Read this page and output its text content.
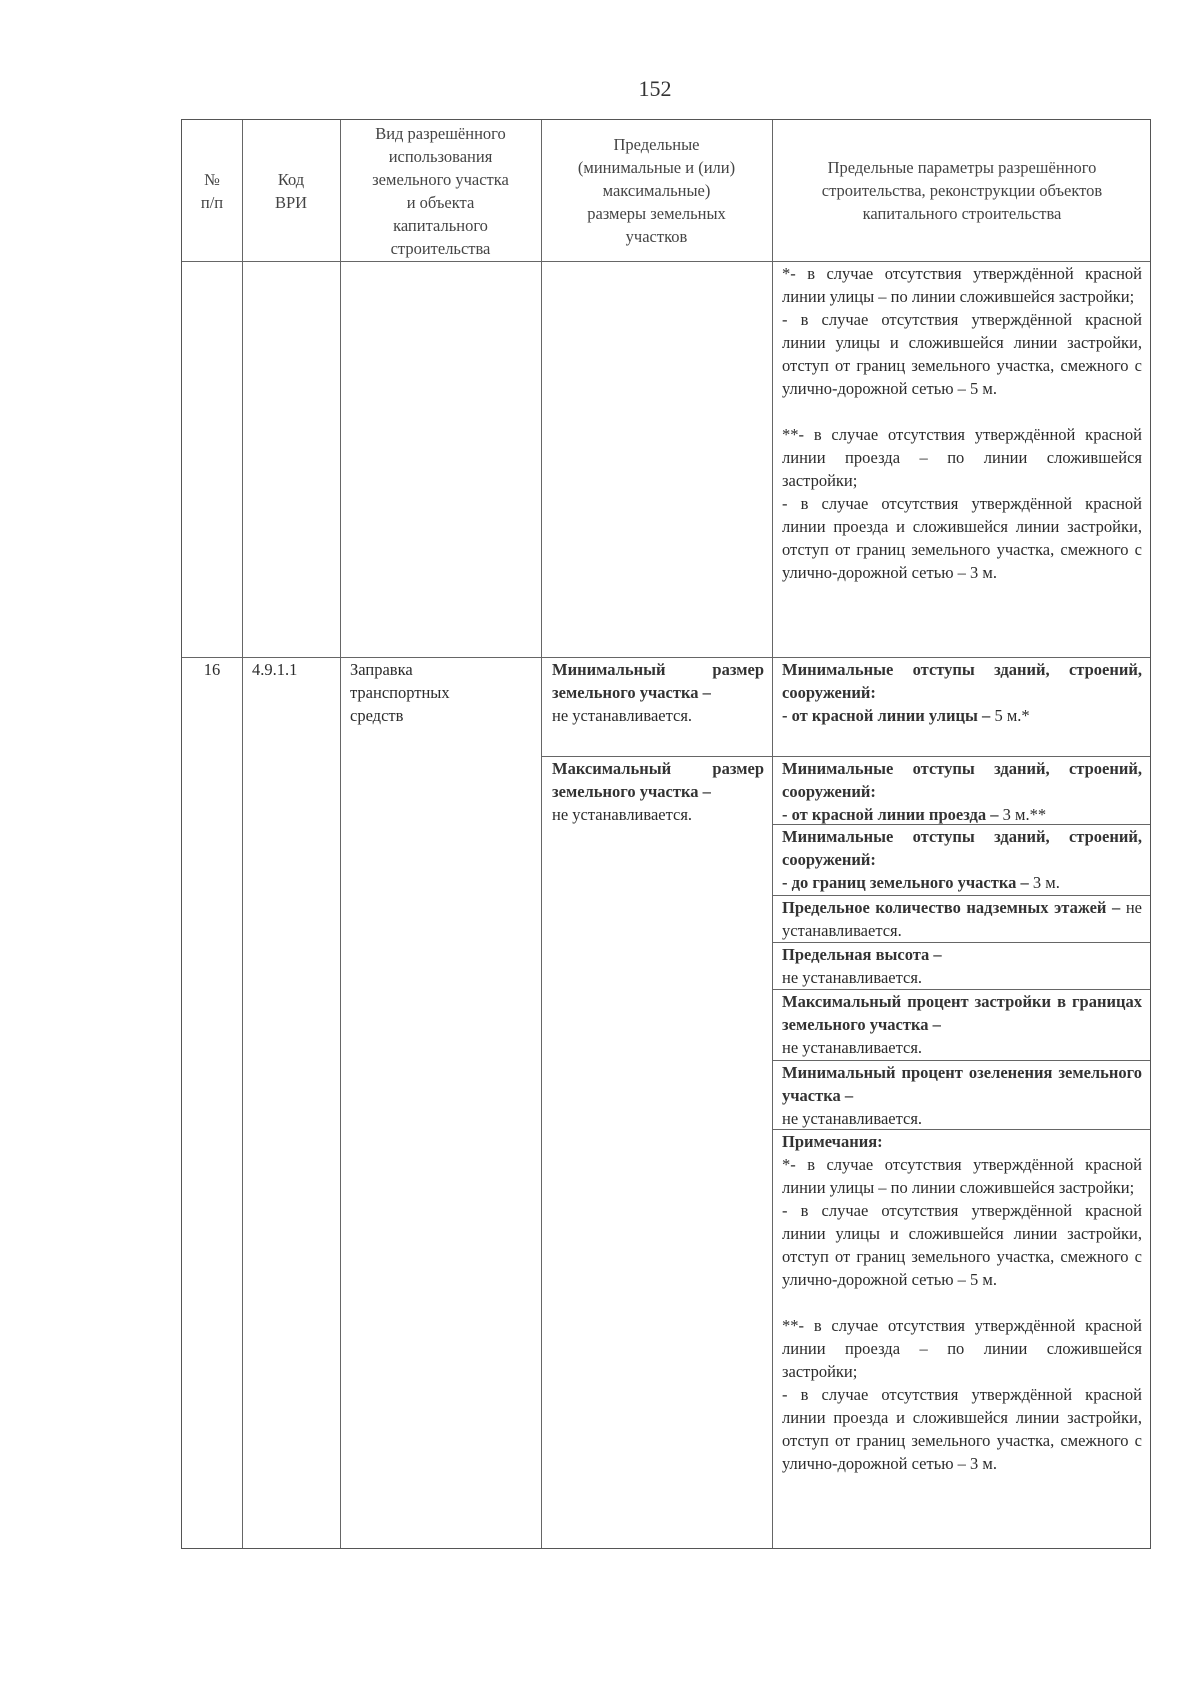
152
№
п/п
Код
ВРИ
Вид разрешённого
использования
земельного участка
и объекта
капитального
строительства
Предельные
(минимальные и (или)
максимальные)
размеры земельных
участков
Предельные параметры разрешённого
строительства, реконструкции объектов
капитального строительства
*- в случае отсутствия утверждённой красной линии улицы – по линии сложившейся застройки;
- в случае отсутствия утверждённой красной линии улицы и сложившейся линии застройки, отступ от границ земельного участка, смежного с улично-дорожной сетью – 5 м.
**- в случае отсутствия утверждённой красной линии проезда – по линии сложившейся застройки;
- в случае отсутствия утверждённой красной линии проезда и сложившейся линии застройки, отступ от границ земельного участка, смежного с улично-дорожной сетью – 3 м.
16	4.9.1.1	Заправка
транспортных
средств
Минимальный размер земельного участка –
не устанавливается.
Максимальный размер земельного участка –
не устанавливается.
Минимальные отступы зданий, строений, сооружений:
- от красной линии улицы – 5 м.*
Минимальные отступы зданий, строений, сооружений:
- от красной линии проезда – 3 м.**
Минимальные отступы зданий, строений, сооружений:
- до границ земельного участка – 3 м.
Предельное количество надземных этажей – не устанавливается.
Предельная высота –
не устанавливается.
Максимальный процент застройки в границах земельного участка –
не устанавливается.
Минимальный процент озеленения земельного участка –
не устанавливается.
Примечания:
*- в случае отсутствия утверждённой красной линии улицы – по линии сложившейся застройки;
- в случае отсутствия утверждённой красной линии улицы и сложившейся линии застройки, отступ от границ земельного участка, смежного с улично-дорожной сетью – 5 м.
**- в случае отсутствия утверждённой красной линии проезда – по линии сложившейся застройки;
- в случае отсутствия утверждённой красной линии проезда и сложившейся линии застройки, отступ от границ земельного участка, смежного с улично-дорожной сетью – 3 м.
